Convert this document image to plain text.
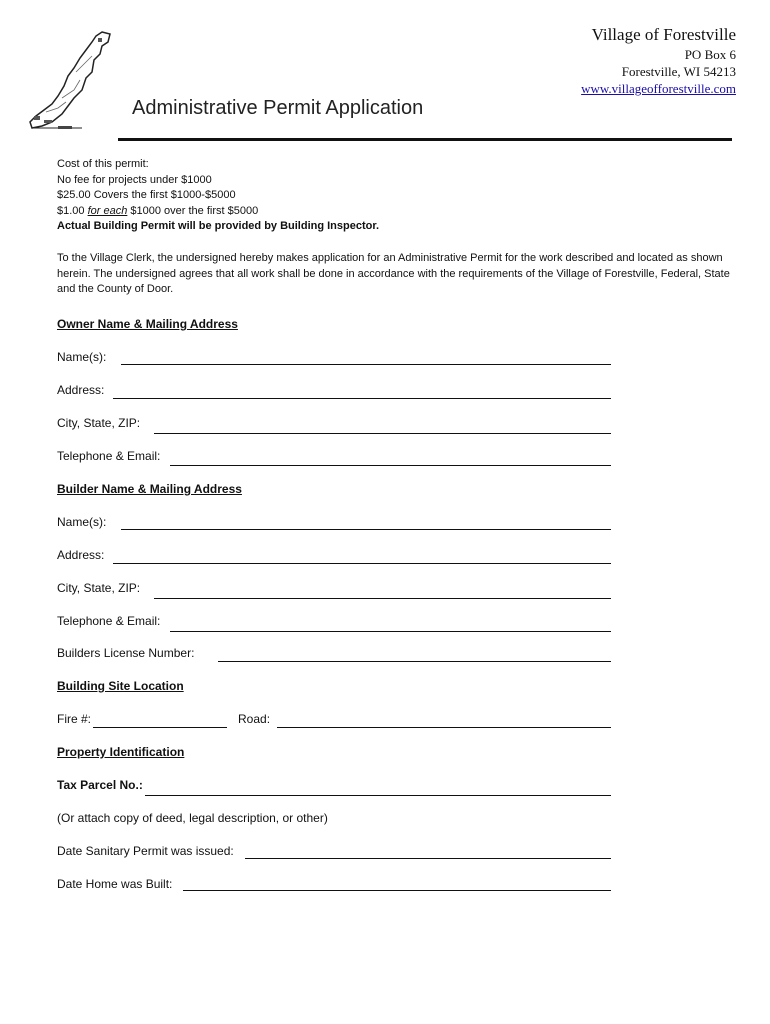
Village of Forestville
PO Box 6
Forestville, WI 54213
www.villageofforestville.com
Administrative Permit Application
Cost of this permit:
No fee for projects under $1000
$25.00 Covers the first $1000-$5000
$1.00 for each $1000 over the first $5000
Actual Building Permit will be provided by Building Inspector.
To the Village Clerk, the undersigned hereby makes application for an Administrative Permit for the work described and located as shown herein. The undersigned agrees that all work shall be done in accordance with the requirements of the Village of Forestville, Federal, State and the County of Door.
Owner Name & Mailing Address
Name(s):
Address:
City, State, ZIP:
Telephone & Email:
Builder Name & Mailing Address
Name(s):
Address:
City, State, ZIP:
Telephone & Email:
Builders License Number:
Building Site Location
Fire #:	Road:
Property Identification
Tax Parcel No.:
(Or attach copy of deed, legal description, or other)
Date Sanitary Permit was issued:
Date Home was Built:
